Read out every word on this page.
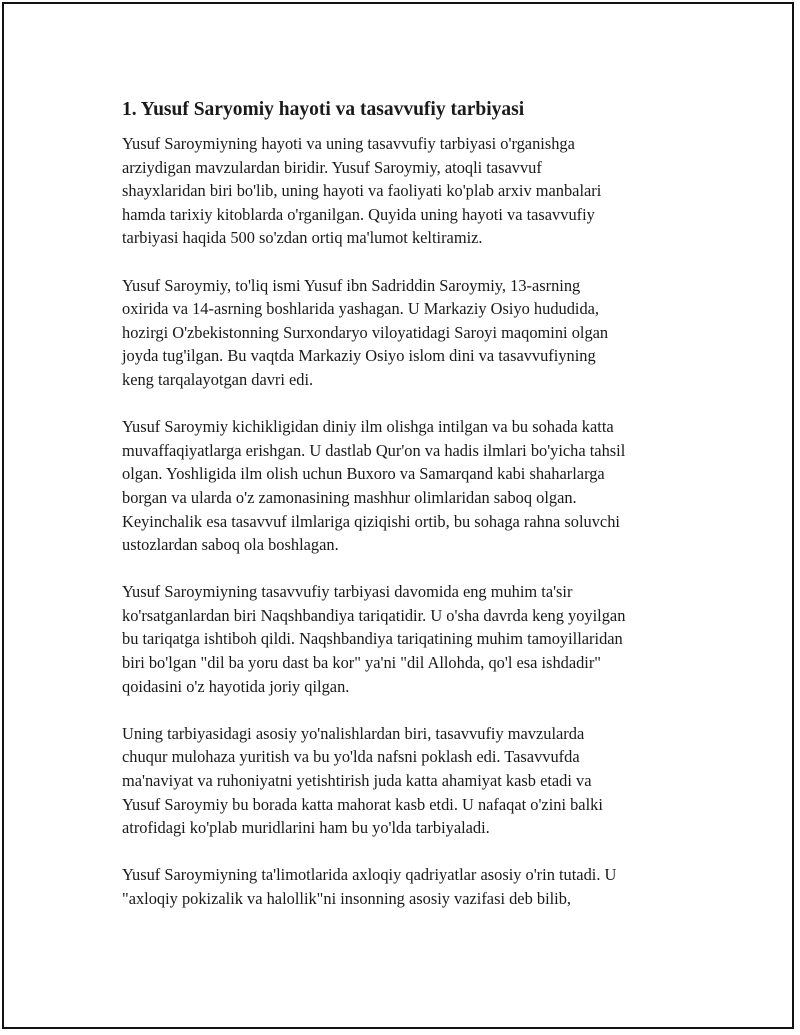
1. Yusuf Saryomiy hayoti va tasavvufiy tarbiyasi

Yusuf Saroymiyning hayoti va uning tasavvufiy tarbiyasi o'rganishga
arziydigan mavzulardan biridir. Yusuf Saroymiy, atoqli tasavvuf
shayxlaridan biri bo'lib, uning hayoti va faoliyati ko'plab arxiv manbalari
hamda tarixiy kitoblarda o'rganilgan. Quyida uning hayoti va tasavvufiy
tarbiyasi haqida 500 so'zdan ortiq ma'lumot keltiramiz.

Yusuf Saroymiy, to'liq ismi Yusuf ibn Sadriddin Saroymiy, 13-asrning
oxirida va 14-asrning boshlarida yashagan. U Markaziy Osiyo hududida,
hozirgi O'zbekistonning Surxondaryo viloyatidagi Saroyi maqomini olgan
joyda tug'ilgan. Bu vaqtda Markaziy Osiyo islom dini va tasavvufiyning
keng tarqalayotgan davri edi.

Yusuf Saroymiy kichikligidan diniy ilm olishga intilgan va bu sohada katta
muvaffaqiyatlarga erishgan. U dastlab Qur'on va hadis ilmlari bo'yicha tahsil
olgan. Yoshligida ilm olish uchun Buxoro va Samarqand kabi shaharlarga
borgan va ularda o'z zamonasining mashhur olimlaridan saboq olgan.
Keyinchalik esa tasavvuf ilmlariga qiziqishi ortib, bu sohaga rahna soluvchi
ustozlardan saboq ola boshlagan.

Yusuf Saroymiyning tasavvufiy tarbiyasi davomida eng muhim ta'sir
ko'rsatganlardan biri Naqshbandiya tariqatidir. U o'sha davrda keng yoyilgan
bu tariqatga ishtiboh qildi. Naqshbandiya tariqatining muhim tamoyillaridan
biri bo'lgan "dil ba yoru dast ba kor" ya'ni "dil Allohda, qo'l esa ishdadir"
qoidasini o'z hayotida joriy qilgan.

Uning tarbiyasidagi asosiy yo'nalishlardan biri, tasavvufiy mavzularda
chuqur mulohaza yuritish va bu yo'lda nafsni poklash edi. Tasavvufda
ma'naviyat va ruhoniyatni yetishtirish juda katta ahamiyat kasb etadi va
Yusuf Saroymiy bu borada katta mahorat kasb etdi. U nafaqat o'zini balki
atrofidagi ko'plab muridlarini ham bu yo'lda tarbiyaladi.

Yusuf Saroymiyning ta'limotlarida axloqiy qadriyatlar asosiy o'rin tutadi. U
"axloqiy pokizalik va halollik"ni insonning asosiy vazifasi deb bilib,
